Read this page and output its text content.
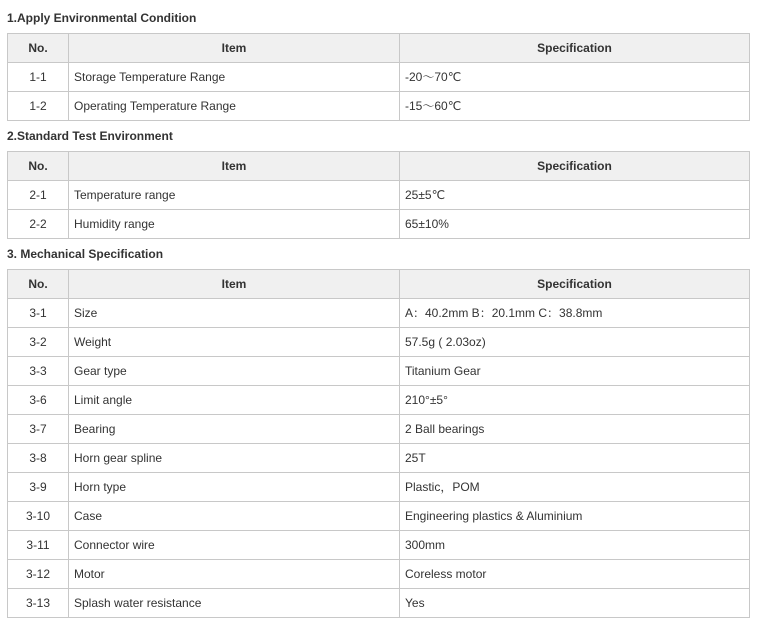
1.Apply Environmental Condition
No.	Item	Specification
1-1	Storage Temperature Range	-20～70℃
1-2	Operating Temperature Range	-15～60℃
2.Standard Test Environment
No.	Item	Specification
2-1	Temperature range	25±5℃
2-2	Humidity range	65±10%
3. Mechanical Specification
No.	Item	Specification
3-1	Size	A：40.2mm B：20.1mm C：38.8mm
3-2	Weight	57.5g ( 2.03oz)
3-3	Gear type	Titanium Gear
3-6	Limit angle	210°±5°
3-7	Bearing	2 Ball bearings
3-8	Horn gear spline	25T
3-9	Horn type	Plastic，POM
3-10	Case	Engineering plastics & Aluminium
3-11	Connector wire	300mm
3-12	Motor	Coreless motor
3-13	Splash water resistance	Yes
